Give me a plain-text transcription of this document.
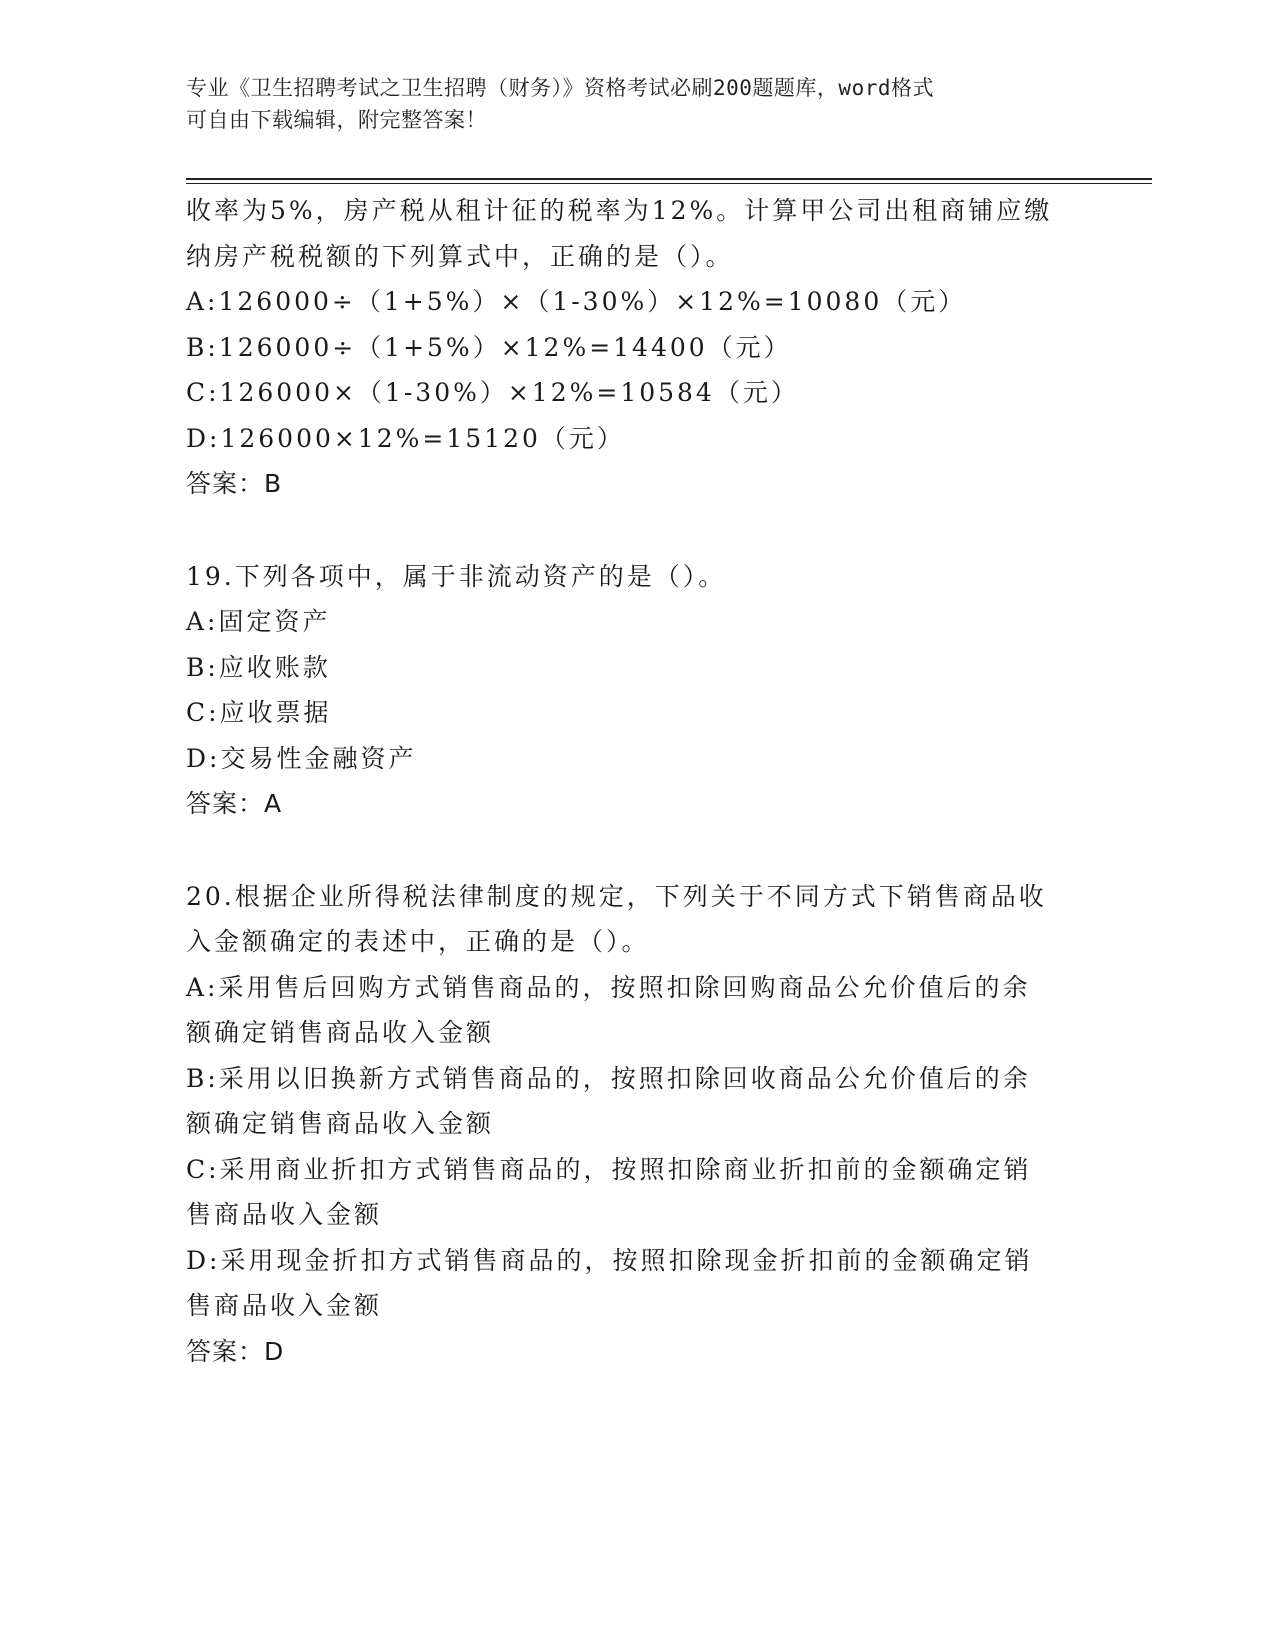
专业《卫生招聘考试之卫生招聘（财务）》资格考试必刷200题题库，word格式
可自由下载编辑，附完整答案！
收率为5%，房产税从租计征的税率为12%。计算甲公司出租商铺应缴
纳房产税税额的下列算式中，正确的是（）。
A:126000÷（1+5%）×（1-30%）×12%=10080（元）
B:126000÷（1+5%）×12%=14400（元）
C:126000×（1-30%）×12%=10584（元）
D:126000×12%=15120（元）
答案：B
19.下列各项中，属于非流动资产的是（）。
A:固定资产
B:应收账款
C:应收票据
D:交易性金融资产
答案：A
20.根据企业所得税法律制度的规定，下列关于不同方式下销售商品收
入金额确定的表述中，正确的是（）。
A:采用售后回购方式销售商品的，按照扣除回购商品公允价值后的余
额确定销售商品收入金额
B:采用以旧换新方式销售商品的，按照扣除回收商品公允价值后的余
额确定销售商品收入金额
C:采用商业折扣方式销售商品的，按照扣除商业折扣前的金额确定销
售商品收入金额
D:采用现金折扣方式销售商品的，按照扣除现金折扣前的金额确定销
售商品收入金额
答案：D
